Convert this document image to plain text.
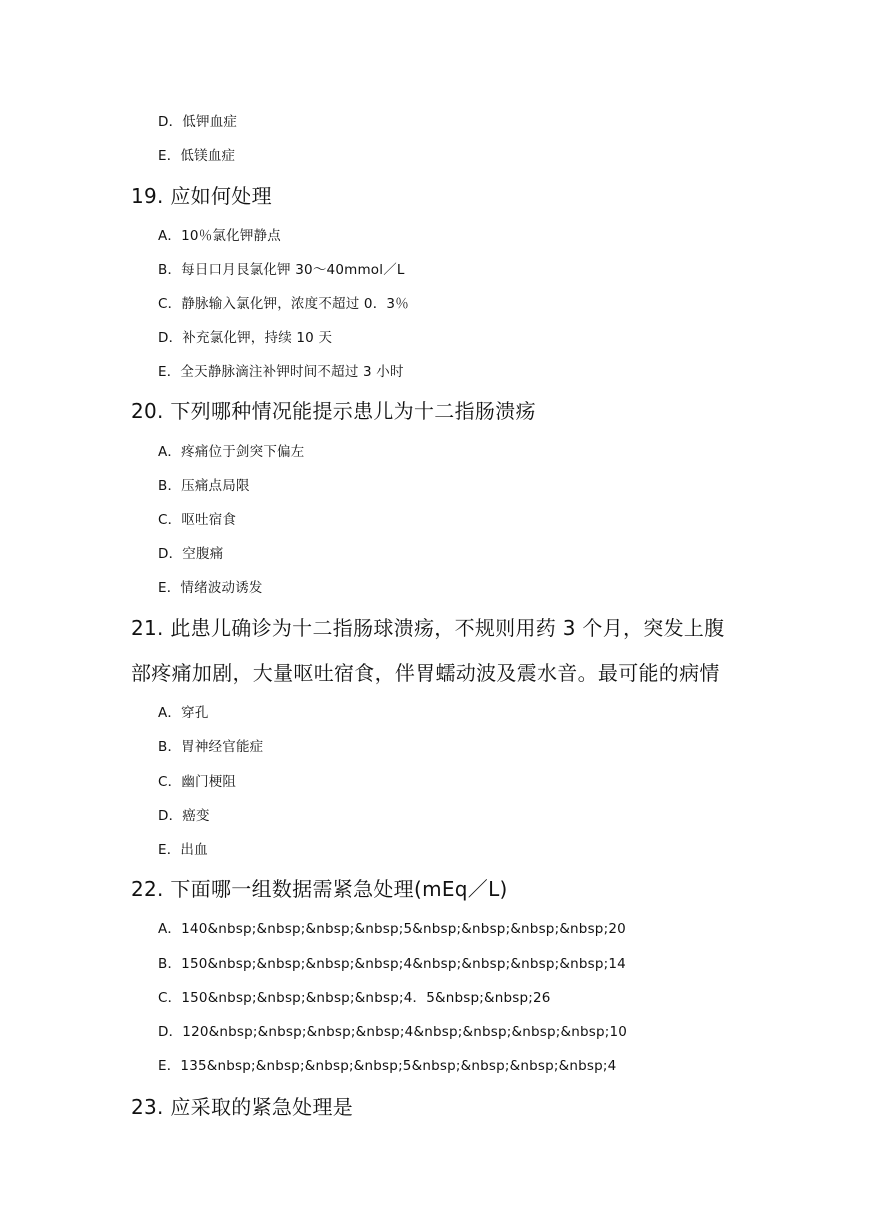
D．低钾血症
E．低镁血症
19. 应如何处理
A．10％氯化钾静点
B．每日口月艮氯化钾 30～40mmol／L
C．静脉输入氯化钾，浓度不超过 0．3％
D．补充氯化钾，持续 10 天
E．全天静脉滴注补钾时间不超过 3 小时
20. 下列哪种情况能提示患儿为十二指肠溃疡
A．疼痛位于剑突下偏左
B．压痛点局限
C．呕吐宿食
D．空腹痛
E．情绪波动诱发
21. 此患儿确诊为十二指肠球溃疡，不规则用药 3 个月，突发上腹
部疼痛加剧，大量呕吐宿食，伴胃蠕动波及震水音。最可能的病情
A．穿孔
B．胃神经官能症
C．幽门梗阻
D．癌变
E．出血
22. 下面哪一组数据需紧急处理(mEq／L)
A．140&nbsp;&nbsp;&nbsp;&nbsp;5&nbsp;&nbsp;&nbsp;&nbsp;20
B．150&nbsp;&nbsp;&nbsp;&nbsp;4&nbsp;&nbsp;&nbsp;&nbsp;14
C．150&nbsp;&nbsp;&nbsp;&nbsp;4．5&nbsp;&nbsp;26
D．120&nbsp;&nbsp;&nbsp;&nbsp;4&nbsp;&nbsp;&nbsp;&nbsp;10
E．135&nbsp;&nbsp;&nbsp;&nbsp;5&nbsp;&nbsp;&nbsp;&nbsp;4
23. 应采取的紧急处理是
